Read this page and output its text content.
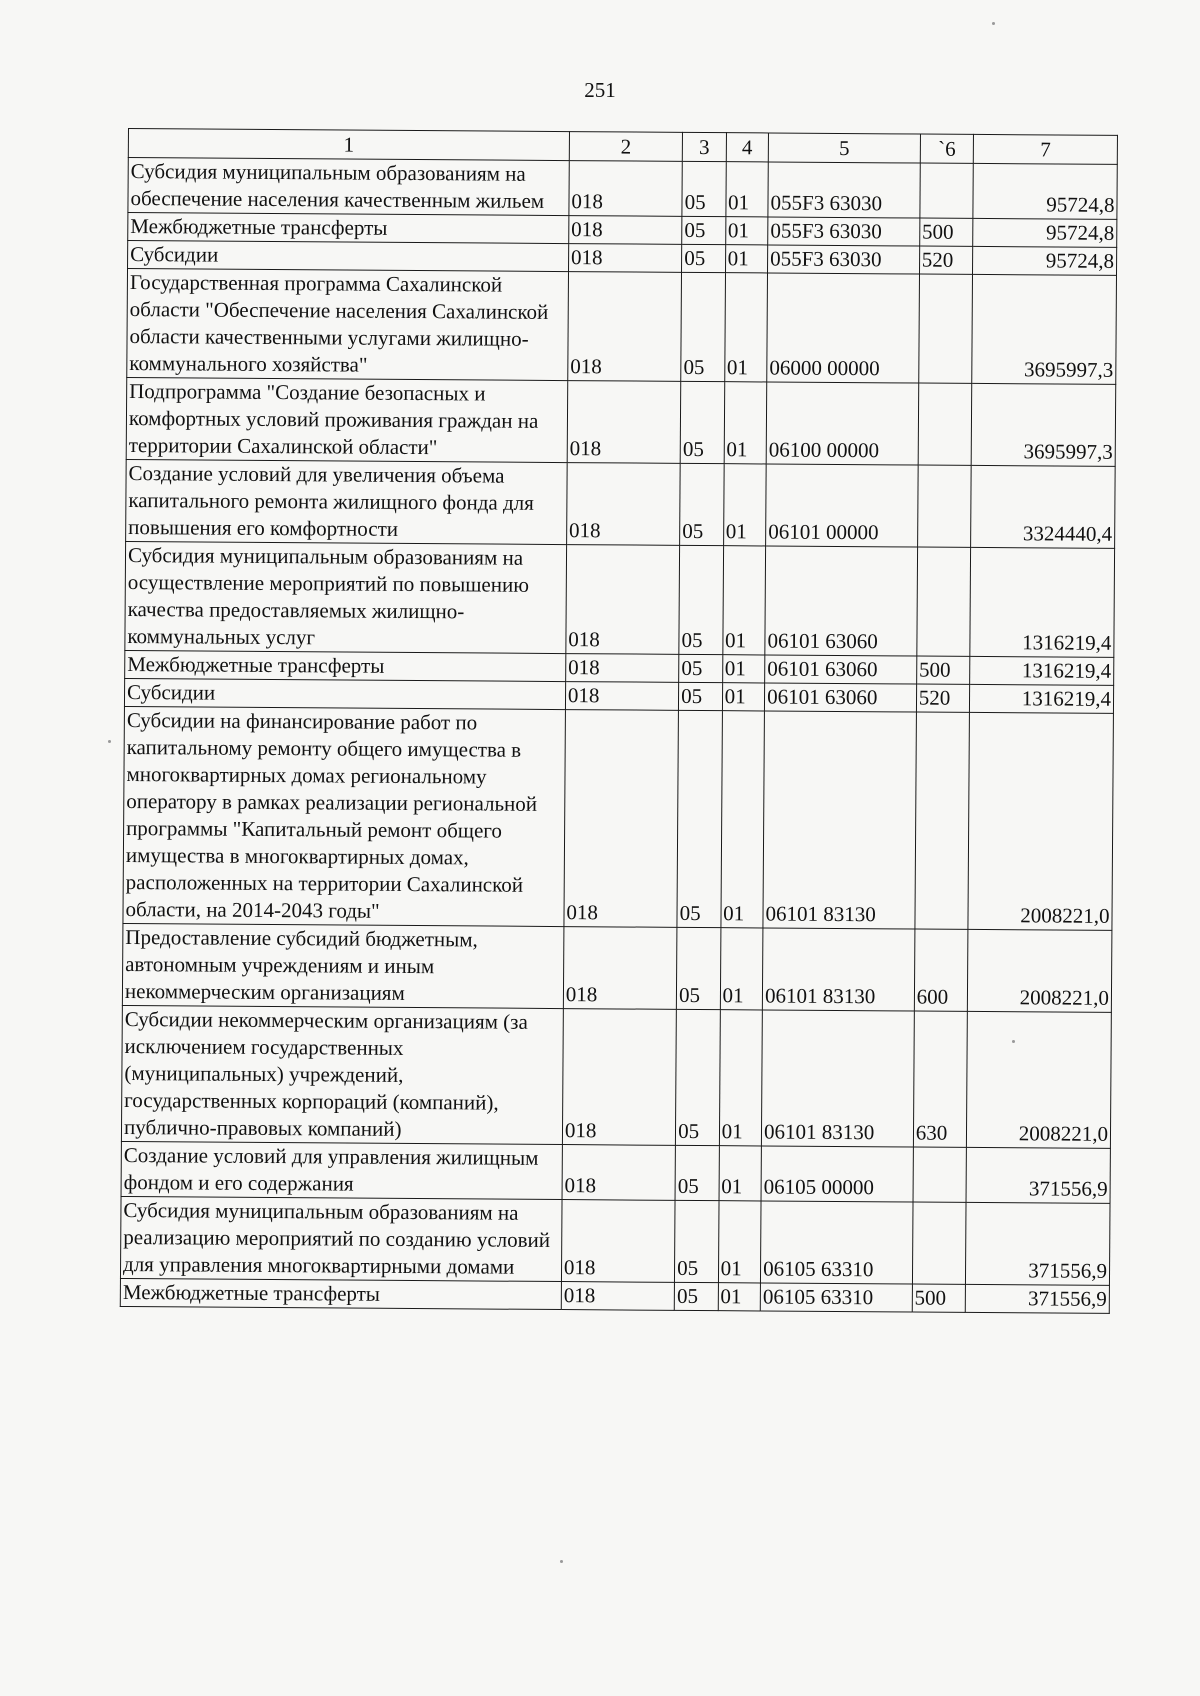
251
1	2	3	4	5	`6	7
Субсидия муниципальным образованиям на обеспечение населения качественным жильем	018	05	01	055F3 63030		95724,8
Межбюджетные трансферты	018	05	01	055F3 63030	500	95724,8
Субсидии	018	05	01	055F3 63030	520	95724,8
Государственная программа Сахалинской области "Обеспечение населения Сахалинской области качественными услугами жилищно-коммунального хозяйства"	018	05	01	06000 00000		3695997,3
Подпрограмма "Создание безопасных и комфортных условий проживания граждан на территории Сахалинской области"	018	05	01	06100 00000		3695997,3
Создание условий для увеличения объема капитального ремонта жилищного фонда для повышения его комфортности	018	05	01	06101 00000		3324440,4
Субсидия муниципальным образованиям на осуществление мероприятий по повышению качества предоставляемых жилищно-коммунальных услуг	018	05	01	06101 63060		1316219,4
Межбюджетные трансферты	018	05	01	06101 63060	500	1316219,4
Субсидии	018	05	01	06101 63060	520	1316219,4
Субсидии на финансирование работ по капитальному ремонту общего имущества в многоквартирных домах региональному оператору в рамках реализации региональной программы "Капитальный ремонт общего имущества в многоквартирных домах, расположенных на территории Сахалинской области, на 2014-2043 годы"	018	05	01	06101 83130		2008221,0
Предоставление субсидий бюджетным, автономным учреждениям и иным некоммерческим организациям	018	05	01	06101 83130	600	2008221,0
Субсидии некоммерческим организациям (за исключением государственных (муниципальных) учреждений, государственных корпораций (компаний), публично-правовых компаний)	018	05	01	06101 83130	630	2008221,0
Создание условий для управления жилищным фондом и его содержания	018	05	01	06105 00000		371556,9
Субсидия муниципальным образованиям на реализацию мероприятий по созданию условий для управления многоквартирными домами	018	05	01	06105 63310		371556,9
Межбюджетные трансферты	018	05	01	06105 63310	500	371556,9
